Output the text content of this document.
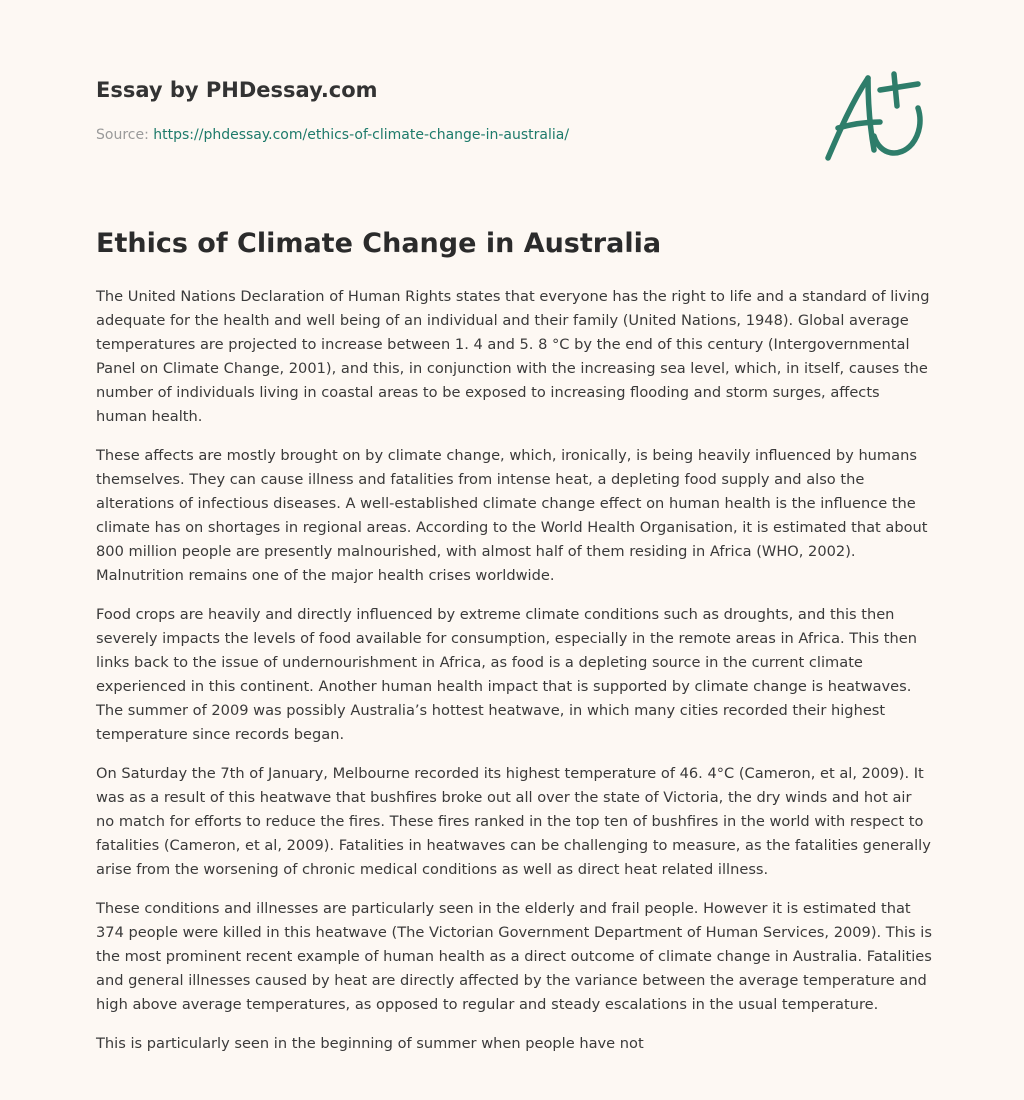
Essay by PHDessay.com
Source: https://phdessay.com/ethics-of-climate-change-in-australia/
Ethics of Climate Change in Australia

The United Nations Declaration of Human Rights states that everyone has the right to life and a standard of living adequate for the health and well being of an individual and their family (United Nations, 1948). Global average temperatures are projected to increase between 1. 4 and 5. 8 °C by the end of this century (Intergovernmental Panel on Climate Change, 2001), and this, in conjunction with the increasing sea level, which, in itself, causes the number of individuals living in coastal areas to be exposed to increasing flooding and storm surges, affects human health.

These affects are mostly brought on by climate change, which, ironically, is being heavily influenced by humans themselves. They can cause illness and fatalities from intense heat, a depleting food supply and also the alterations of infectious diseases. A well-established climate change effect on human health is the influence the climate has on shortages in regional areas. According to the World Health Organisation, it is estimated that about 800 million people are presently malnourished, with almost half of them residing in Africa (WHO, 2002). Malnutrition remains one of the major health crises worldwide.

Food crops are heavily and directly influenced by extreme climate conditions such as droughts, and this then severely impacts the levels of food available for consumption, especially in the remote areas in Africa. This then links back to the issue of undernourishment in Africa, as food is a depleting source in the current climate experienced in this continent. Another human health impact that is supported by climate change is heatwaves. The summer of 2009 was possibly Australia’s hottest heatwave, in which many cities recorded their highest temperature since records began.

On Saturday the 7th of January, Melbourne recorded its highest temperature of 46. 4°C (Cameron, et al, 2009). It was as a result of this heatwave that bushfires broke out all over the state of Victoria, the dry winds and hot air no match for efforts to reduce the fires. These fires ranked in the top ten of bushfires in the world with respect to fatalities (Cameron, et al, 2009). Fatalities in heatwaves can be challenging to measure, as the fatalities generally arise from the worsening of chronic medical conditions as well as direct heat related illness.

These conditions and illnesses are particularly seen in the elderly and frail people. However it is estimated that 374 people were killed in this heatwave (The Victorian Government Department of Human Services, 2009). This is the most prominent recent example of human health as a direct outcome of climate change in Australia. Fatalities and general illnesses caused by heat are directly affected by the variance between the average temperature and high above average temperatures, as opposed to regular and steady escalations in the usual temperature.

This is particularly seen in the beginning of summer when people have not
